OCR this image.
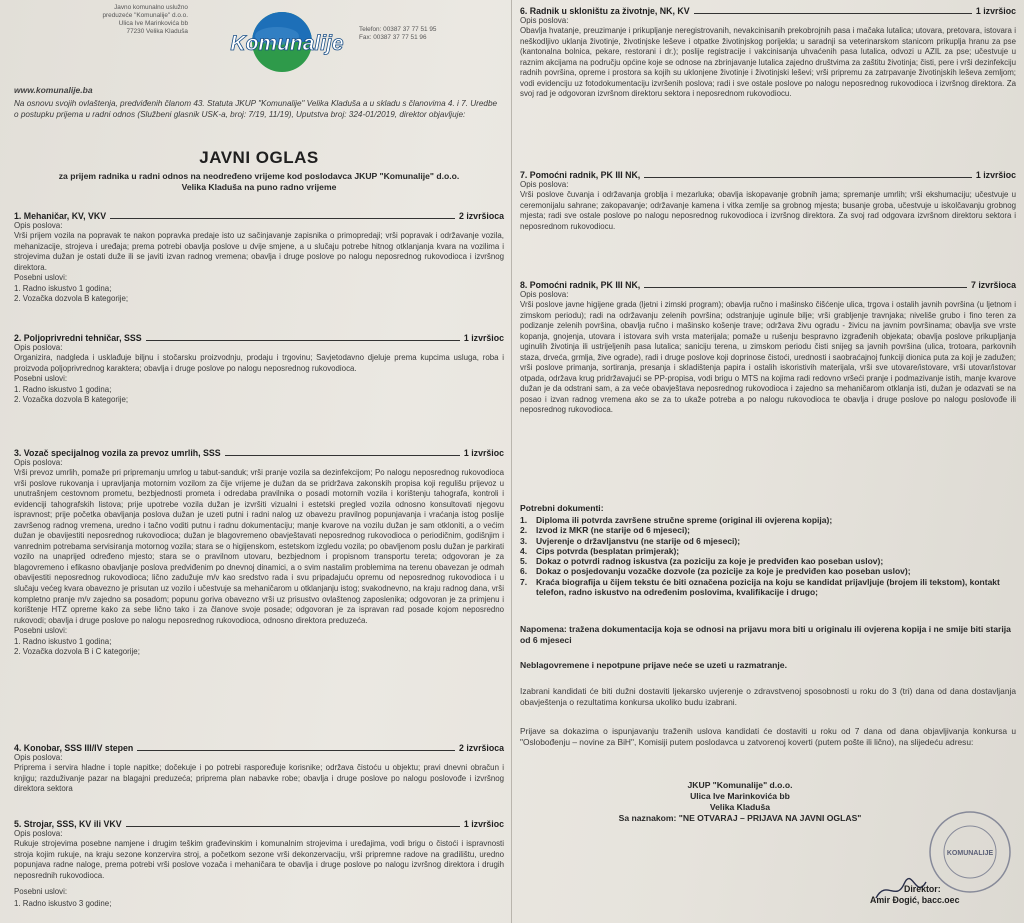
Javno komunalno uslužno
preduzeće "Komunalije" d.o.o.
Ulica Ive Marinkovića bb
77230 Velika Kladuša
Komunalije
Telefon: 00387 37 77 51 95
Fax: 00387 37 77 51 96
www.komunalije.ba
Na osnovu svojih ovlaštenja, predviđenih članom 43. Statuta JKUP "Komunalije" Velika Kladuša a u skladu s članovima 4. i 7. Uredbe o postupku prijema u radni odnos (Službeni glasnik USK-a, broj: 7/19, 11/19), Uputstva broj: 324-01/2019, direktor objavljuje:
JAVNI OGLAS
za prijem radnika u radni odnos na neodređeno vrijeme kod poslodavca JKUP "Komunalije" d.o.o.
Velika Kladuša na puno radno vrijeme
1. Mehaničar, KV, VKV	2 izvršioca
Opis poslova:
Vrši prijem vozila na popravak te nakon popravka predaje isto uz sačinjavanje zapisnika o primopredaji; vrši popravak i održavanje vozila, mehanizacije, strojeva i uređaja; prema potrebi obavlja poslove u dvije smjene, a u slučaju potrebe hitnog otklanjanja kvara na vozilima i strojevima dužan je ostati duže ili se javiti izvan radnog vremena; obavlja i druge poslove po nalogu neposrednog rukovodioca i izvršnog direktora.
Posebni uslovi:
1. Radno iskustvo 1 godina;
2. Vozačka dozvola B kategorije;
2. Poljoprivredni tehničar, SSS	1 izvršioc
Opis poslova:
Organizira, nadgleda i usklađuje biljnu i stočarsku proizvodnju, prodaju i trgovinu; Savjetodavno djeluje prema kupcima usluga, roba i proizvoda poljoprivrednog karaktera; obavlja i druge poslove po nalogu neposrednog rukovodioca.
Posebni uslovi:
1. Radno iskustvo 1 godina;
2. Vozačka dozvola B kategorije;
3. Vozač specijalnog vozila za prevoz umrlih, SSS	1 izvršioc
Opis poslova:
Vrši prevoz umrlih, pomaže pri pripremanju umrlog u tabut-sanduk; vrši pranje vozila sa dezinfekcijom; Po nalogu neposrednog rukovodioca vrši poslove rukovanja i upravljanja motornim vozilom za čije vrijeme je dužan da se pridržava zakonskih propisa koji regulišu prijevoz u unutrašnjem cestovnom prometu, bezbjednosti prometa i odredaba pravilnika o posadi motornih vozila i korištenju tahografa, kontroli i evidenciji tahografskih listova; prije upotrebe vozila dužan je izvršiti vizualni i estetski pregled vozila odnosno konsultovati njegovu ispravnost; prije početka obavljanja poslova dužan je uzeti putni i radni nalog uz obavezu pravilnog popunjavanja i vraćanja istog poslije završenog radnog vremena, uredno i tačno voditi putnu i radnu dokumentaciju; manje kvarove na vozilu dužan je sam otkloniti, a o većim dužan je obavijestiti neposrednog rukovodioca; dužan je blagovremeno obavještavati neposrednog rukovodioca o periodičnim, godišnjim i vanrednim potrebama servisiranja motornog vozila; stara se o higijenskom, estetskom izgledu vozila; po obavljenom poslu dužan je parkirati vozilo na unaprijed određeno mjesto; stara se o pravilnom utovaru, bezbjednom i propisnom transportu tereta; odgovoran je za blagovremeno i efikasno obavljanje poslova predviđenim po dnevnoj dinamici, a o svim nastalim problemima na terenu obavezan je odmah obavijestiti neposrednog rukovodioca; lično zadužuje m/v kao sredstvo rada i svu pripadajuću opremu od neposrednog rukovodioca i u slučaju većeg kvara obavezno je prisutan uz vozilo i učestvuje sa mehaničarom u otklanjanju istog; svakodnevno, na kraju radnog dana, vrši kompletno pranje m/v zajedno sa posadom; popunu goriva obavezno vrši uz prisustvo ovlaštenog zaposlenika; odgovoran je za primjenu i korištenje HTZ opreme kako za sebe lično tako i za članove svoje posade; odgovoran je za ispravan rad posade kojom neposredno rukovodi; obavlja i druge poslove po nalogu neposrednog rukovodioca, odnosno direktora preduzeća.
Posebni uslovi:
1. Radno iskustvo 1 godina;
2. Vozačka dozvola B i C kategorije;
4. Konobar, SSS III/IV stepen	2 izvršioca
Opis poslova:
Priprema i servira hladne i tople napitke; dočekuje i po potrebi raspoređuje korisnike; održava čistoću u objektu; pravi dnevni obračun i knjigu; razduživanje pazar na blagajni preduzeća; priprema plan nabavke robe; obavlja i druge poslove po nalogu poslovođe i izvršnog direktora sektora
5. Strojar, SSS, KV ili VKV	1 izvršioc
Opis poslova:
Rukuje strojevima posebne namjene i drugim teškim građevinskim i komunalnim strojevima i uređajima, vodi brigu o čistoći i ispravnosti stroja kojim rukuje, na kraju sezone konzervira stroj, a početkom sezone vrši dekonzervaciju, vrši pripremne radove na gradilištu, uredno popunjava radne naloge, prema potrebi vrši poslove vozača i mehaničara te obavlja i druge poslove po nalogu izvršnog direktora i drugih neposrednih rukovodioca.
Posebni uslovi:
1. Radno iskustvo 3 godine;
6. Radnik u skloništu za životnje, NK, KV	1 izvršioc
Opis poslova:
Obavlja hvatanje, preuzimanje i prikupljanje neregistrovanih, nevakcinisanih prekobrojnih pasa i mačaka lutalica; utovara, pretovara, istovara i neškodljivo uklanja životinje, životinjske leševe i otpatke životinjskog porijekla; u saradnji sa veterinarskom stanicom prikuplja hranu za pse (kantonalna bolnica, pekare, restorani i dr.); poslije registracije i vakcinisanja uhvaćenih pasa lutalica, odvozi u AZIL za pse; učestvuje u raznim akcijama na području općine koje se odnose na zbrinjavanje lutalica zajedno društvima za zaštitu životinja; čisti, pere i vrši dezinfekciju radnih površina, opreme i prostora sa kojih su uklonjene životinje i životinjski leševi; vrši pripremu za zatrpavanje životinjskih leševa zemljom; vodi evidenciju uz fotodokumentaciju izvršenih poslova; radi i sve ostale poslove po nalogu neposrednog rukovodioca i izvršnog direktora. Za svoj rad je odgovoran izvršnom direktoru sektora i neposrednom rukovodiocu.
7. Pomoćni radnik, PK III NK,	1 izvršioc
Opis poslova:
Vrši poslove čuvanja i održavanja groblja i mezarluka; obavlja iskopavanje grobnih jama; spremanje umrlih; vrši ekshumaciju; učestvuje u ceremonijalu sahrane; zakopavanje; održavanje kamena i vitka zemlje sa grobnog mjesta; busanje groba, učestvuje u iskolčavanju grobnog mjesta; radi sve ostale poslove po nalogu neposrednog rukovodioca i izvršnog direktora. Za svoj rad odgovara izvršnom direktoru sektora i neposrednom rukovodiocu.
8. Pomoćni radnik, PK III NK,	7 izvršioca
Opis poslova:
Vrši poslove javne higijene grada (ljetni i zimski program); obavlja ručno i mašinsko čišćenje ulica, trgova i ostalih javnih površina (u ljetnom i zimskom periodu); radi na održavanju zelenih površina; odstranjuje uginule bilje; vrši grabljenje travnjaka; niveliše grubo i fino teren za podizanje zelenih površina, obavlja ručno i mašinsko košenje trave; održava živu ogradu - živicu na javnim površinama; obavlja sve vrste kopanja, gnojenja, utovara i istovara svih vrsta materijala; pomaže u rušenju bespravno izgrađenih objekata; obavlja poslove prikupljanja uginulih životinja ili ustrijeljenih pasa lutalica; saniciju terena, u zimskom periodu čisti snijeg sa javnih površina (ulica, trotoara, parkovnih staza, drveća, grmlja, žive ograde), radi i druge poslove koji doprinose čistoći, urednosti i saobraćajnoj funkciji dionica puta za koji je zadužen; vrši poslove primanja, sortiranja, presanja i skladištenja papira i ostalih iskoristivih materijala, vrši sve utovare/istovare, vrši utovar/istovar otpada, održava krug pridržavajući se PP-propisa, vodi brigu o MTS na kojima radi redovno vršeći pranje i podmazivanje istih, manje kvarove dužan je da odstrani sam, a za veće obavještava neposrednog rukovodioca i zajedno sa mehaničarom otklanja isti, dužan je odazvati se na posao i izvan radnog vremena ako se za to ukaže potreba a po nalogu rukovodioca te obavlja i druge poslove po nalogu poslovođe ili neposrednog rukovodioca.
Potrebni dokumenti:
1.	Diploma ili potvrda završene stručne spreme (original ili ovjerena kopija);
2.	Izvod iz MKR (ne starije od 6 mjeseci);
3.	Uvjerenje o državljanstvu (ne starije od 6 mjeseci);
4.	Cips potvrda (besplatan primjerak);
5.	Dokaz o potvrdi radnog iskustva (za poziciju za koje je predviđen kao poseban uslov);
6.	Dokaz o posjedovanju vozačke dozvole (za pozicije za koje je predviđen kao poseban uslov);
7.	Kraća biografija u čijem tekstu će biti označena pozicija na koju se kandidat prijavljuje (brojem ili tekstom), kontakt telefon, radno iskustvo na određenim poslovima, kvalifikacije i drugo;
Napomena: tražena dokumentacija koja se odnosi na prijavu mora biti u originalu ili ovjerena kopija i ne smije biti starija od 6 mjeseci
Neblagovremene i nepotpune prijave neće se uzeti u razmatranje.
Izabrani kandidati će biti dužni dostaviti ljekarsko uvjerenje o zdravstvenoj sposobnosti u roku do 3 (tri) dana od dana dostavljanja obavještenja o rezultatima konkursa ukoliko budu izabrani.
Prijave sa dokazima o ispunjavanju traženih uslova kandidati će dostaviti u roku od 7 dana od dana objavljivanja konkursa u "Oslobođenju – novine za BiH", Komisiji putem poslodavca u zatvorenoj koverti (putem pošte ili lično), na slijedeću adresu:
JKUP "Komunalije" d.o.o.
Ulica Ive Marinkovića bb
Velika Kladuša
Sa naznakom: "NE OTVARAJ – PRIJAVA NA JAVNI OGLAS"
KOMUNALIJE
Direktor:
Amir Đogić, bacc.oec
